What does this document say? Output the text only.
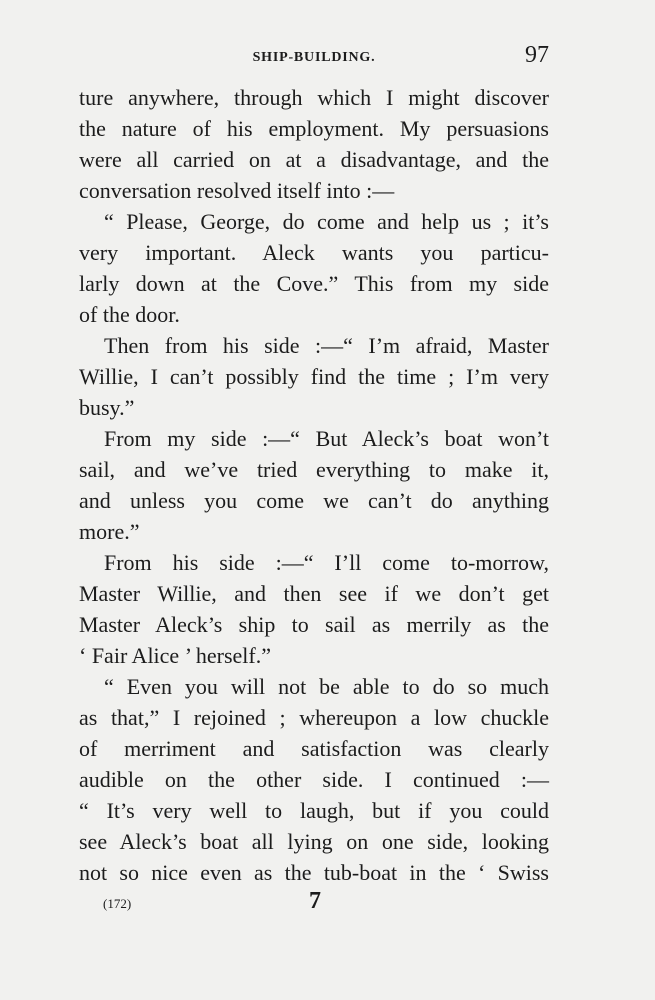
SHIP-BUILDING.	97
ture anywhere, through which I might discover
the nature of his employment. My persuasions
were all carried on at a disadvantage, and the
conversation resolved itself into :—
“ Please, George, do come and help us ; it’s
very important. Aleck wants you particu-
larly down at the Cove.” This from my side
of the door.
Then from his side :—“ I’m afraid, Master
Willie, I can’t possibly find the time ; I’m very
busy.”
From my side :—“ But Aleck’s boat won’t
sail, and we’ve tried everything to make it,
and unless you come we can’t do anything
more.”
From his side :—“ I’ll come to-morrow,
Master Willie, and then see if we don’t get
Master Aleck’s ship to sail as merrily as the
‘ Fair Alice ’ herself.”
“ Even you will not be able to do so much
as that,” I rejoined ; whereupon a low chuckle
of merriment and satisfaction was clearly
audible on the other side. I continued :—
“ It’s very well to laugh, but if you could
see Aleck’s boat all lying on one side, looking
not so nice even as the tub-boat in the ‘ Swiss
(172)	7
